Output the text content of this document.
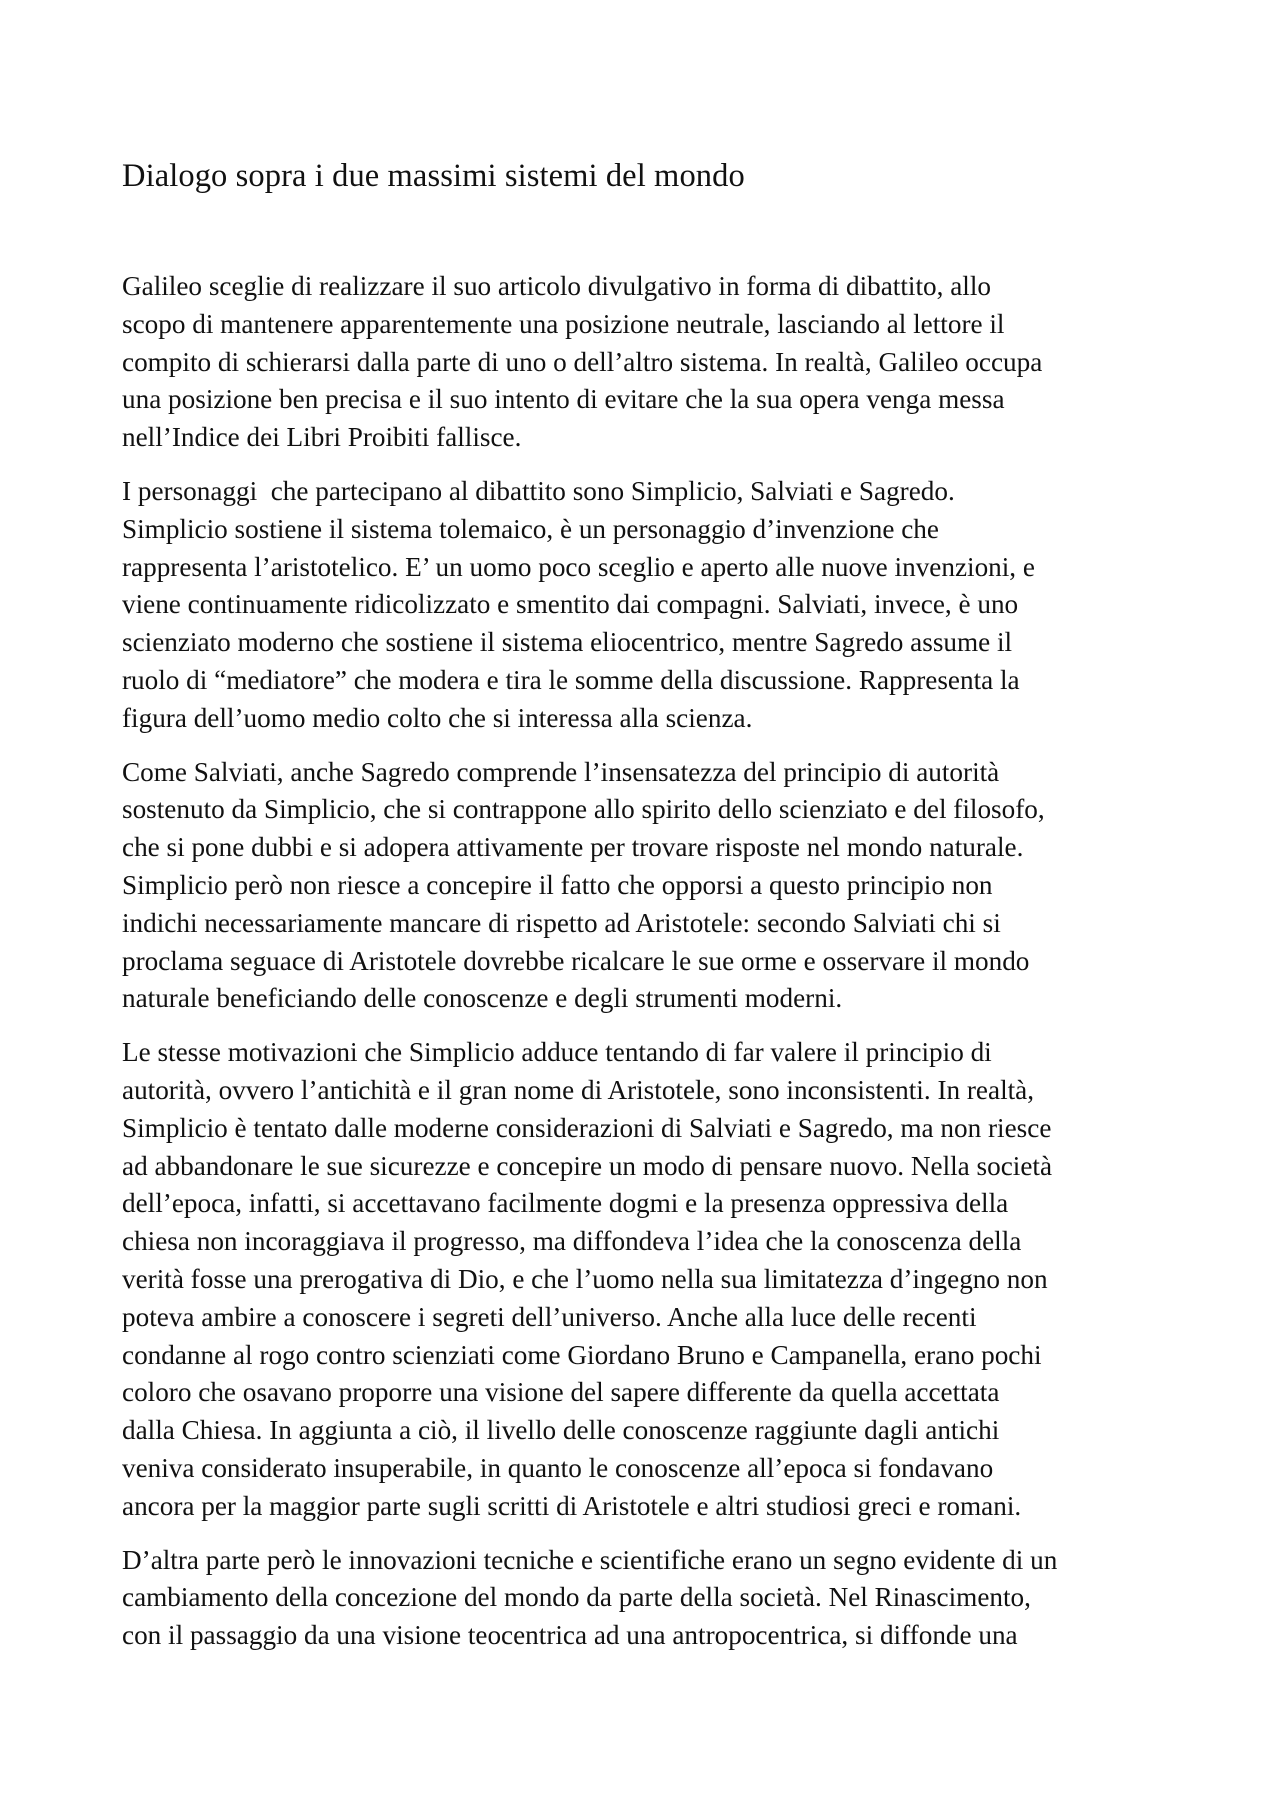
Dialogo sopra i due massimi sistemi del mondo

Galileo sceglie di realizzare il suo articolo divulgativo in forma di dibattito, allo
scopo di mantenere apparentemente una posizione neutrale, lasciando al lettore il
compito di schierarsi dalla parte di uno o dell’altro sistema. In realtà, Galileo occupa
una posizione ben precisa e il suo intento di evitare che la sua opera venga messa
nell’Indice dei Libri Proibiti fallisce.

I personaggi  che partecipano al dibattito sono Simplicio, Salviati e Sagredo.
Simplicio sostiene il sistema tolemaico, è un personaggio d’invenzione che
rappresenta l’aristotelico. E’ un uomo poco sceglio e aperto alle nuove invenzioni, e
viene continuamente ridicolizzato e smentito dai compagni. Salviati, invece, è uno
scienziato moderno che sostiene il sistema eliocentrico, mentre Sagredo assume il
ruolo di “mediatore” che modera e tira le somme della discussione. Rappresenta la
figura dell’uomo medio colto che si interessa alla scienza.

Come Salviati, anche Sagredo comprende l’insensatezza del principio di autorità
sostenuto da Simplicio, che si contrappone allo spirito dello scienziato e del filosofo,
che si pone dubbi e si adopera attivamente per trovare risposte nel mondo naturale.
Simplicio però non riesce a concepire il fatto che opporsi a questo principio non
indichi necessariamente mancare di rispetto ad Aristotele: secondo Salviati chi si
proclama seguace di Aristotele dovrebbe ricalcare le sue orme e osservare il mondo
naturale beneficiando delle conoscenze e degli strumenti moderni.

Le stesse motivazioni che Simplicio adduce tentando di far valere il principio di
autorità, ovvero l’antichità e il gran nome di Aristotele, sono inconsistenti. In realtà,
Simplicio è tentato dalle moderne considerazioni di Salviati e Sagredo, ma non riesce
ad abbandonare le sue sicurezze e concepire un modo di pensare nuovo. Nella società
dell’epoca, infatti, si accettavano facilmente dogmi e la presenza oppressiva della
chiesa non incoraggiava il progresso, ma diffondeva l’idea che la conoscenza della
verità fosse una prerogativa di Dio, e che l’uomo nella sua limitatezza d’ingegno non
poteva ambire a conoscere i segreti dell’universo. Anche alla luce delle recenti
condanne al rogo contro scienziati come Giordano Bruno e Campanella, erano pochi
coloro che osavano proporre una visione del sapere differente da quella accettata
dalla Chiesa. In aggiunta a ciò, il livello delle conoscenze raggiunte dagli antichi
veniva considerato insuperabile, in quanto le conoscenze all’epoca si fondavano
ancora per la maggior parte sugli scritti di Aristotele e altri studiosi greci e romani.

D’altra parte però le innovazioni tecniche e scientifiche erano un segno evidente di un
cambiamento della concezione del mondo da parte della società. Nel Rinascimento,
con il passaggio da una visione teocentrica ad una antropocentrica, si diffonde una
